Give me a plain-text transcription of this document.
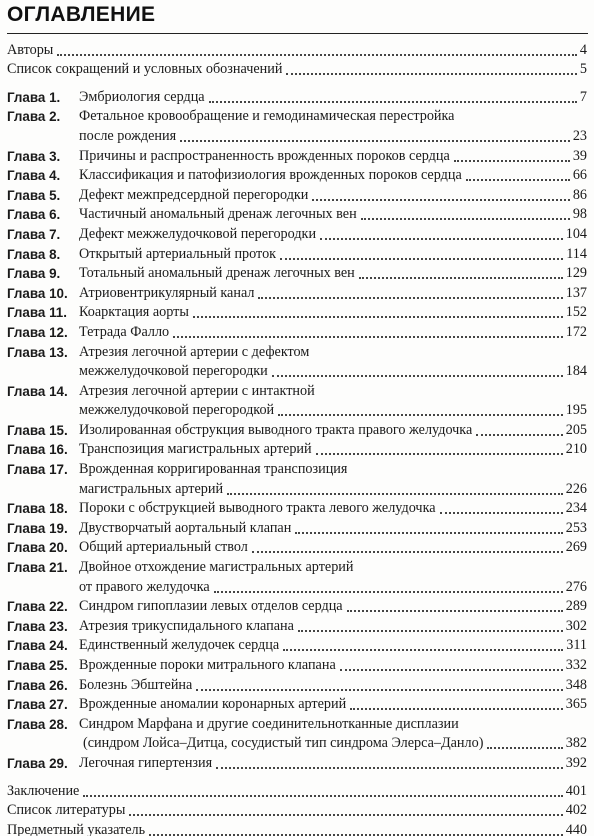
ОГЛАВЛЕНИЕ
Авторы	4
Список сокращений и условных обозначений	5
Глава 1.	Эмбриология сердца	7
Глава 2.	Фетальное кровообращение и гемодинамическая перестройка
после рождения	23
Глава 3.	Причины и распространенность врожденных пороков сердца	39
Глава 4.	Классификация и патофизиология врожденных пороков сердца	66
Глава 5.	Дефект межпредсердной перегородки	86
Глава 6.	Частичный аномальный дренаж легочных вен	98
Глава 7.	Дефект межжелудочковой перегородки	104
Глава 8.	Открытый артериальный проток	114
Глава 9.	Тотальный аномальный дренаж легочных вен	129
Глава 10. Атриовентрикулярный канал	137
Глава 11. Коарктация аорты	152
Глава 12. Тетрада Фалло	172
Глава 13. Атрезия легочной артерии с дефектом
межжелудочковой перегородки	184
Глава 14. Атрезия легочной артерии с интактной
межжелудочковой перегородкой	195
Глава 15. Изолированная обструкция выводного тракта правого желудочка	205
Глава 16. Транспозиция магистральных артерий	210
Глава 17. Врожденная корригированная транспозиция
магистральных артерий	226
Глава 18. Пороки с обструкцией выводного тракта левого желудочка	234
Глава 19. Двустворчатый аортальный клапан	253
Глава 20. Общий артериальный ствол	269
Глава 21. Двойное отхождение магистральных артерий
от правого желудочка	276
Глава 22. Синдром гипоплазии левых отделов сердца	289
Глава 23. Атрезия трикуспидального клапана	302
Глава 24. Единственный желудочек сердца	311
Глава 25. Врожденные пороки митрального клапана	332
Глава 26. Болезнь Эбштейна	348
Глава 27. Врожденные аномалии коронарных артерий	365
Глава 28. Синдром Марфана и другие соединительнотканные дисплазии
(синдром Лойса–Дитца, сосудистый тип синдрома Элерса–Данло)	382
Глава 29. Легочная гипертензия	392
Заключение	401
Список литературы	402
Предметный указатель	440
